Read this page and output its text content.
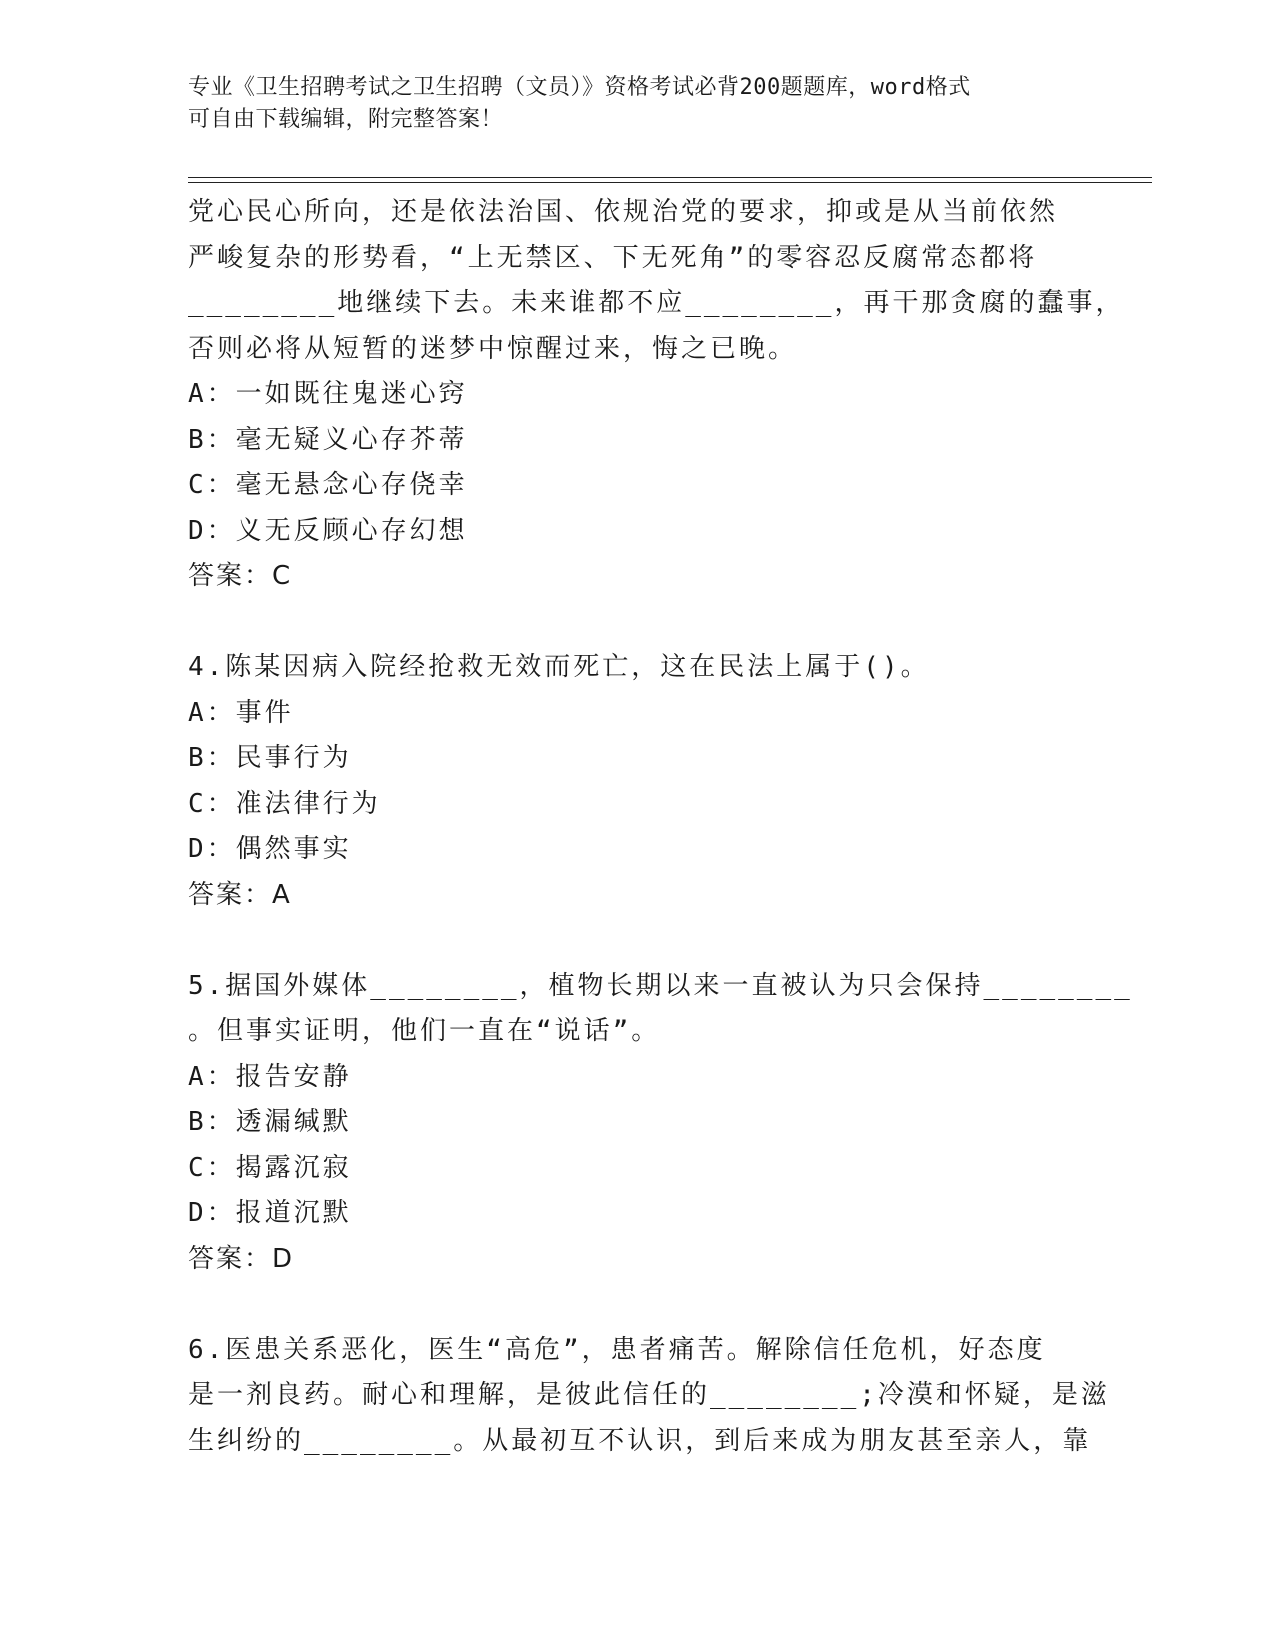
专业《卫生招聘考试之卫生招聘（文员）》资格考试必背200题题库，word格式
可自由下载编辑，附完整答案！
党心民心所向，还是依法治国、依规治党的要求，抑或是从当前依然
严峻复杂的形势看，“上无禁区、下无死角”的零容忍反腐常态都将
________地继续下去。未来谁都不应________，再干那贪腐的蠢事，
否则必将从短暂的迷梦中惊醒过来，悔之已晚。
A：一如既往鬼迷心窍
B：毫无疑义心存芥蒂
C：毫无悬念心存侥幸
D：义无反顾心存幻想
答案：C
4.陈某因病入院经抢救无效而死亡，这在民法上属于()。
A：事件
B：民事行为
C：准法律行为
D：偶然事实
答案：A
5.据国外媒体________，植物长期以来一直被认为只会保持________
。但事实证明，他们一直在“说话”。
A：报告安静
B：透漏缄默
C：揭露沉寂
D：报道沉默
答案：D
6.医患关系恶化，医生“高危”，患者痛苦。解除信任危机，好态度
是一剂良药。耐心和理解，是彼此信任的________;冷漠和怀疑，是滋
生纠纷的________。从最初互不认识，到后来成为朋友甚至亲人，靠
